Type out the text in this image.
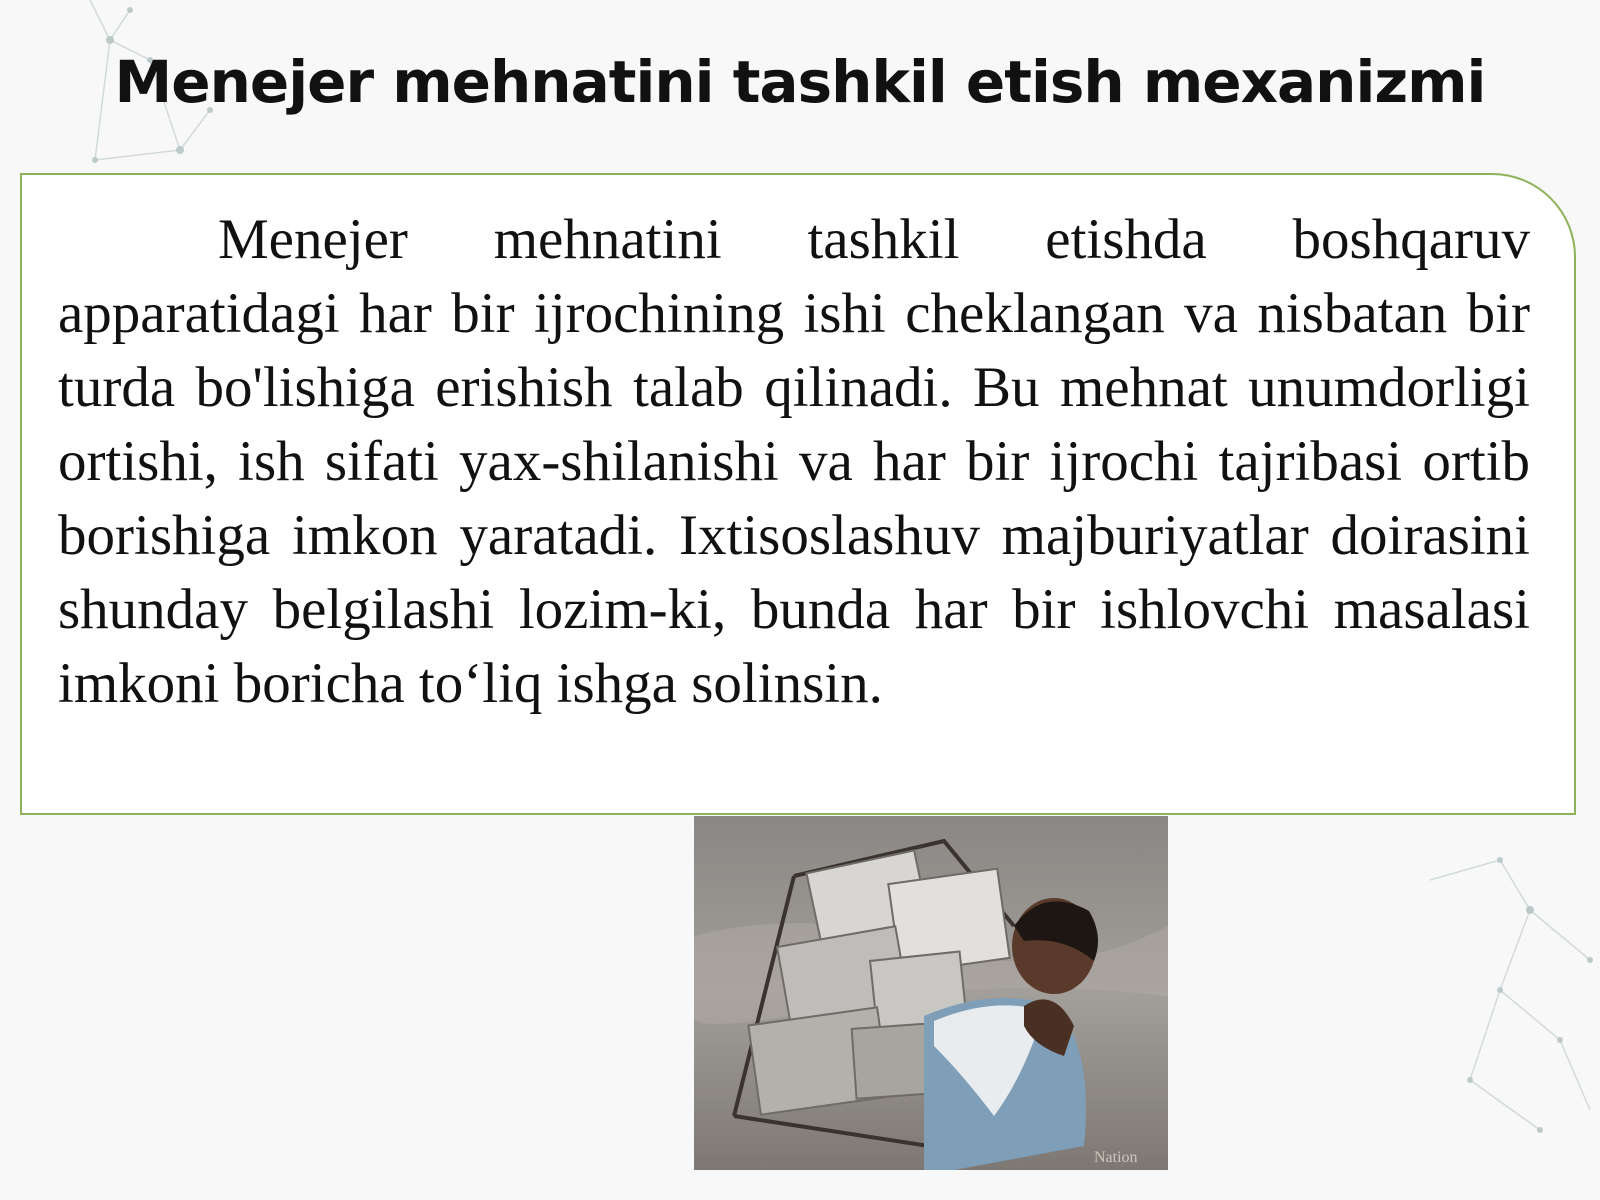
Menejer mehnatini tashkil etish mexanizmi

Menejer mehnatini tashkil etishda boshqaruv apparatidagi har bir ijrochining ishi cheklangan va nisbatan bir turda bo'lishiga erishish talab qilinadi. Bu mehnat unumdorligi ortishi, ish sifati yax-shilanishi va har bir ijrochi tajribasi ortib borishiga imkon yaratadi. Ixtisoslashuv majburiyatlar doirasini shunday belgilashi lozim-ki, bunda har bir ishlovchi masalasi imkoni boricha to‘liq ishga solinsin.

Nation
